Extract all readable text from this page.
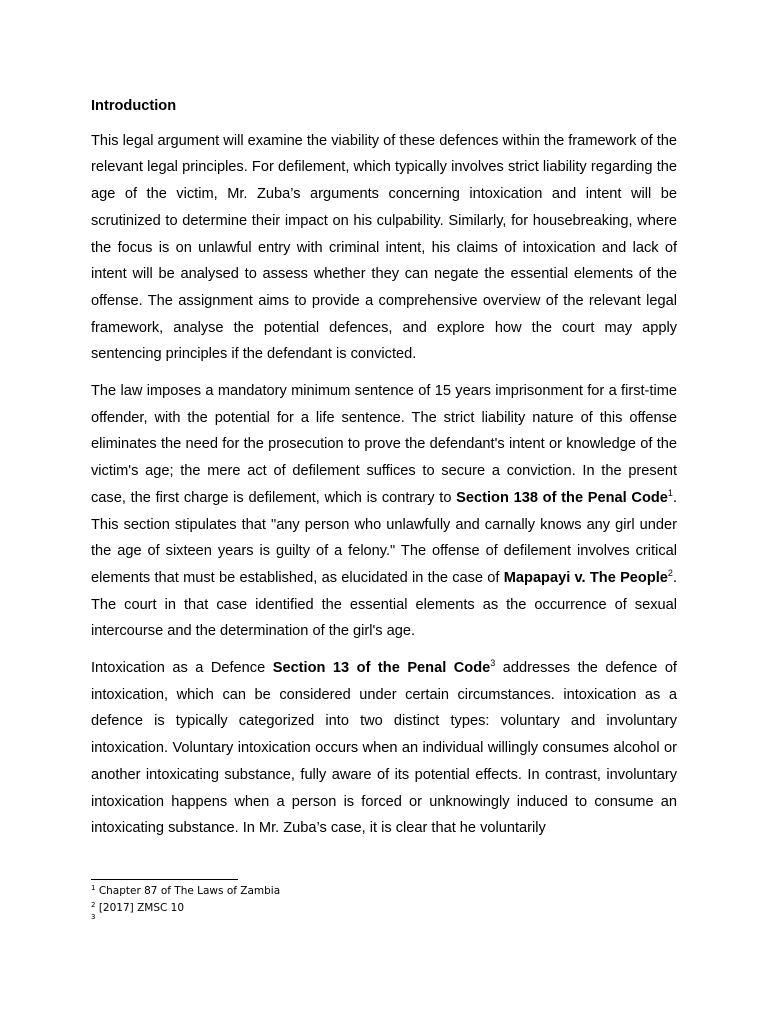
Introduction

This legal argument will examine the viability of these defences within the framework of the relevant legal principles. For defilement, which typically involves strict liability regarding the age of the victim, Mr. Zuba’s arguments concerning intoxication and intent will be scrutinized to determine their impact on his culpability. Similarly, for housebreaking, where the focus is on unlawful entry with criminal intent, his claims of intoxication and lack of intent will be analysed to assess whether they can negate the essential elements of the offense. The assignment aims to provide a comprehensive overview of the relevant legal framework, analyse the potential defences, and explore how the court may apply sentencing principles if the defendant is convicted.

The law imposes a mandatory minimum sentence of 15 years imprisonment for a first-time offender, with the potential for a life sentence. The strict liability nature of this offense eliminates the need for the prosecution to prove the defendant's intent or knowledge of the victim's age; the mere act of defilement suffices to secure a conviction. In the present case, the first charge is defilement, which is contrary to Section 138 of the Penal Code$^1$. This section stipulates that "any person who unlawfully and carnally knows any girl under the age of sixteen years is guilty of a felony." The offense of defilement involves critical elements that must be established, as elucidated in the case of Mapapayi v. The People$^2$. The court in that case identified the essential elements as the occurrence of sexual intercourse and the determination of the girl's age.

Intoxication as a Defence Section 13 of the Penal Code$^3$ addresses the defence of intoxication, which can be considered under certain circumstances. intoxication as a defence is typically categorized into two distinct types: voluntary and involuntary intoxication. Voluntary intoxication occurs when an individual willingly consumes alcohol or another intoxicating substance, fully aware of its potential effects. In contrast, involuntary intoxication happens when a person is forced or unknowingly induced to consume an intoxicating substance. In Mr. Zuba’s case, it is clear that he voluntarily

$^1$ Chapter 87 of The Laws of Zambia
$^2$ [2017] ZMSC 10
$^3$
